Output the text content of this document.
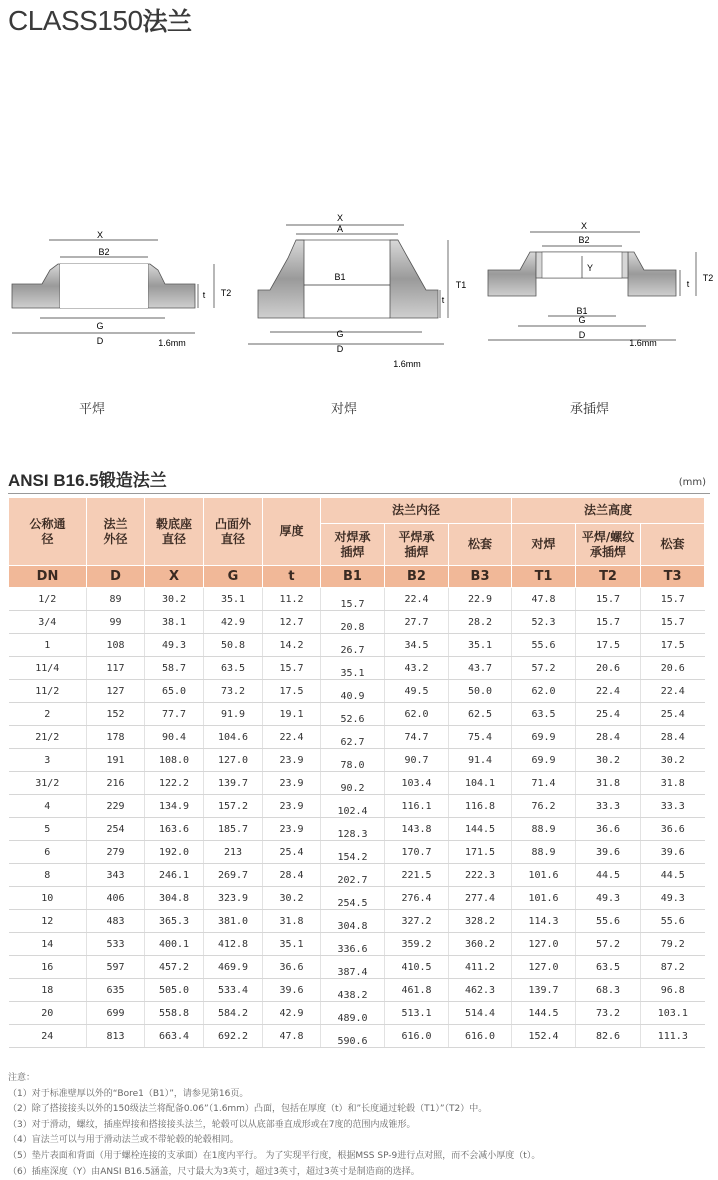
CLASS150法兰
X
B2
G
D
t T2
1.6mm
X
A
B1
G
D
t
T1
1.6mm
X
B2
Y
B1
G
D
t
T2
1.6mm
平焊	对焊	承插焊
ANSI B16.5锻造法兰	(mm)
公称通径	法兰外径	毂底座直径	凸面外直径	厚度	法兰内径			法兰高度		
					对焊承插焊	平焊承插焊	松套	对焊	平焊/螺纹承插焊	松套
DN	D	X	G	t	B1	B2	B3	T1	T2	T3
1/2	89	30.2	35.1	11.2	15.7	22.4	22.9	47.8	15.7	15.7
3/4	99	38.1	42.9	12.7	20.8	27.7	28.2	52.3	15.7	15.7
1	108	49.3	50.8	14.2	26.7	34.5	35.1	55.6	17.5	17.5
11/4	117	58.7	63.5	15.7	35.1	43.2	43.7	57.2	20.6	20.6
11/2	127	65.0	73.2	17.5	40.9	49.5	50.0	62.0	22.4	22.4
2	152	77.7	91.9	19.1	52.6	62.0	62.5	63.5	25.4	25.4
21/2	178	90.4	104.6	22.4	62.7	74.7	75.4	69.9	28.4	28.4
3	191	108.0	127.0	23.9	78.0	90.7	91.4	69.9	30.2	30.2
31/2	216	122.2	139.7	23.9	90.2	103.4	104.1	71.4	31.8	31.8
4	229	134.9	157.2	23.9	102.4	116.1	116.8	76.2	33.3	33.3
5	254	163.6	185.7	23.9	128.3	143.8	144.5	88.9	36.6	36.6
6	279	192.0	213	25.4	154.2	170.7	171.5	88.9	39.6	39.6
8	343	246.1	269.7	28.4	202.7	221.5	222.3	101.6	44.5	44.5
10	406	304.8	323.9	30.2	254.5	276.4	277.4	101.6	49.3	49.3
12	483	365.3	381.0	31.8	304.8	327.2	328.2	114.3	55.6	55.6
14	533	400.1	412.8	35.1	336.6	359.2	360.2	127.0	57.2	79.2
16	597	457.2	469.9	36.6	387.4	410.5	411.2	127.0	63.5	87.2
18	635	505.0	533.4	39.6	438.2	461.8	462.3	139.7	68.3	96.8
20	699	558.8	584.2	42.9	489.0	513.1	514.4	144.5	73.2	103.1
24	813	663.4	692.2	47.8	590.6	616.0	616.0	152.4	82.6	111.3
注意：
（1）对于标准壁厚以外的“Bore1（B1）”，请参见第16页。
（2）除了搭接接头以外的150级法兰将配备0.06”（1.6mm）凸面，包括在厚度（t）和”长度通过轮毂（T1）”（T2）中。
（3）对于滑动，螺纹，插座焊接和搭接接头法兰，轮毂可以从底部垂直成形或在7度的范围内成锥形。
（4）盲法兰可以与用于滑动法兰或不带轮毂的轮毂相同。
（5）垫片表面和背面（用于螺栓连接的支承面）在1度内平行。 为了实现平行度，根据MSS SP-9进行点对照，而不会减小厚度（t）。
（6）插座深度（Y）由ANSI B16.5涵盖，尺寸最大为3英寸，超过3英寸，超过3英寸是制造商的选择。
